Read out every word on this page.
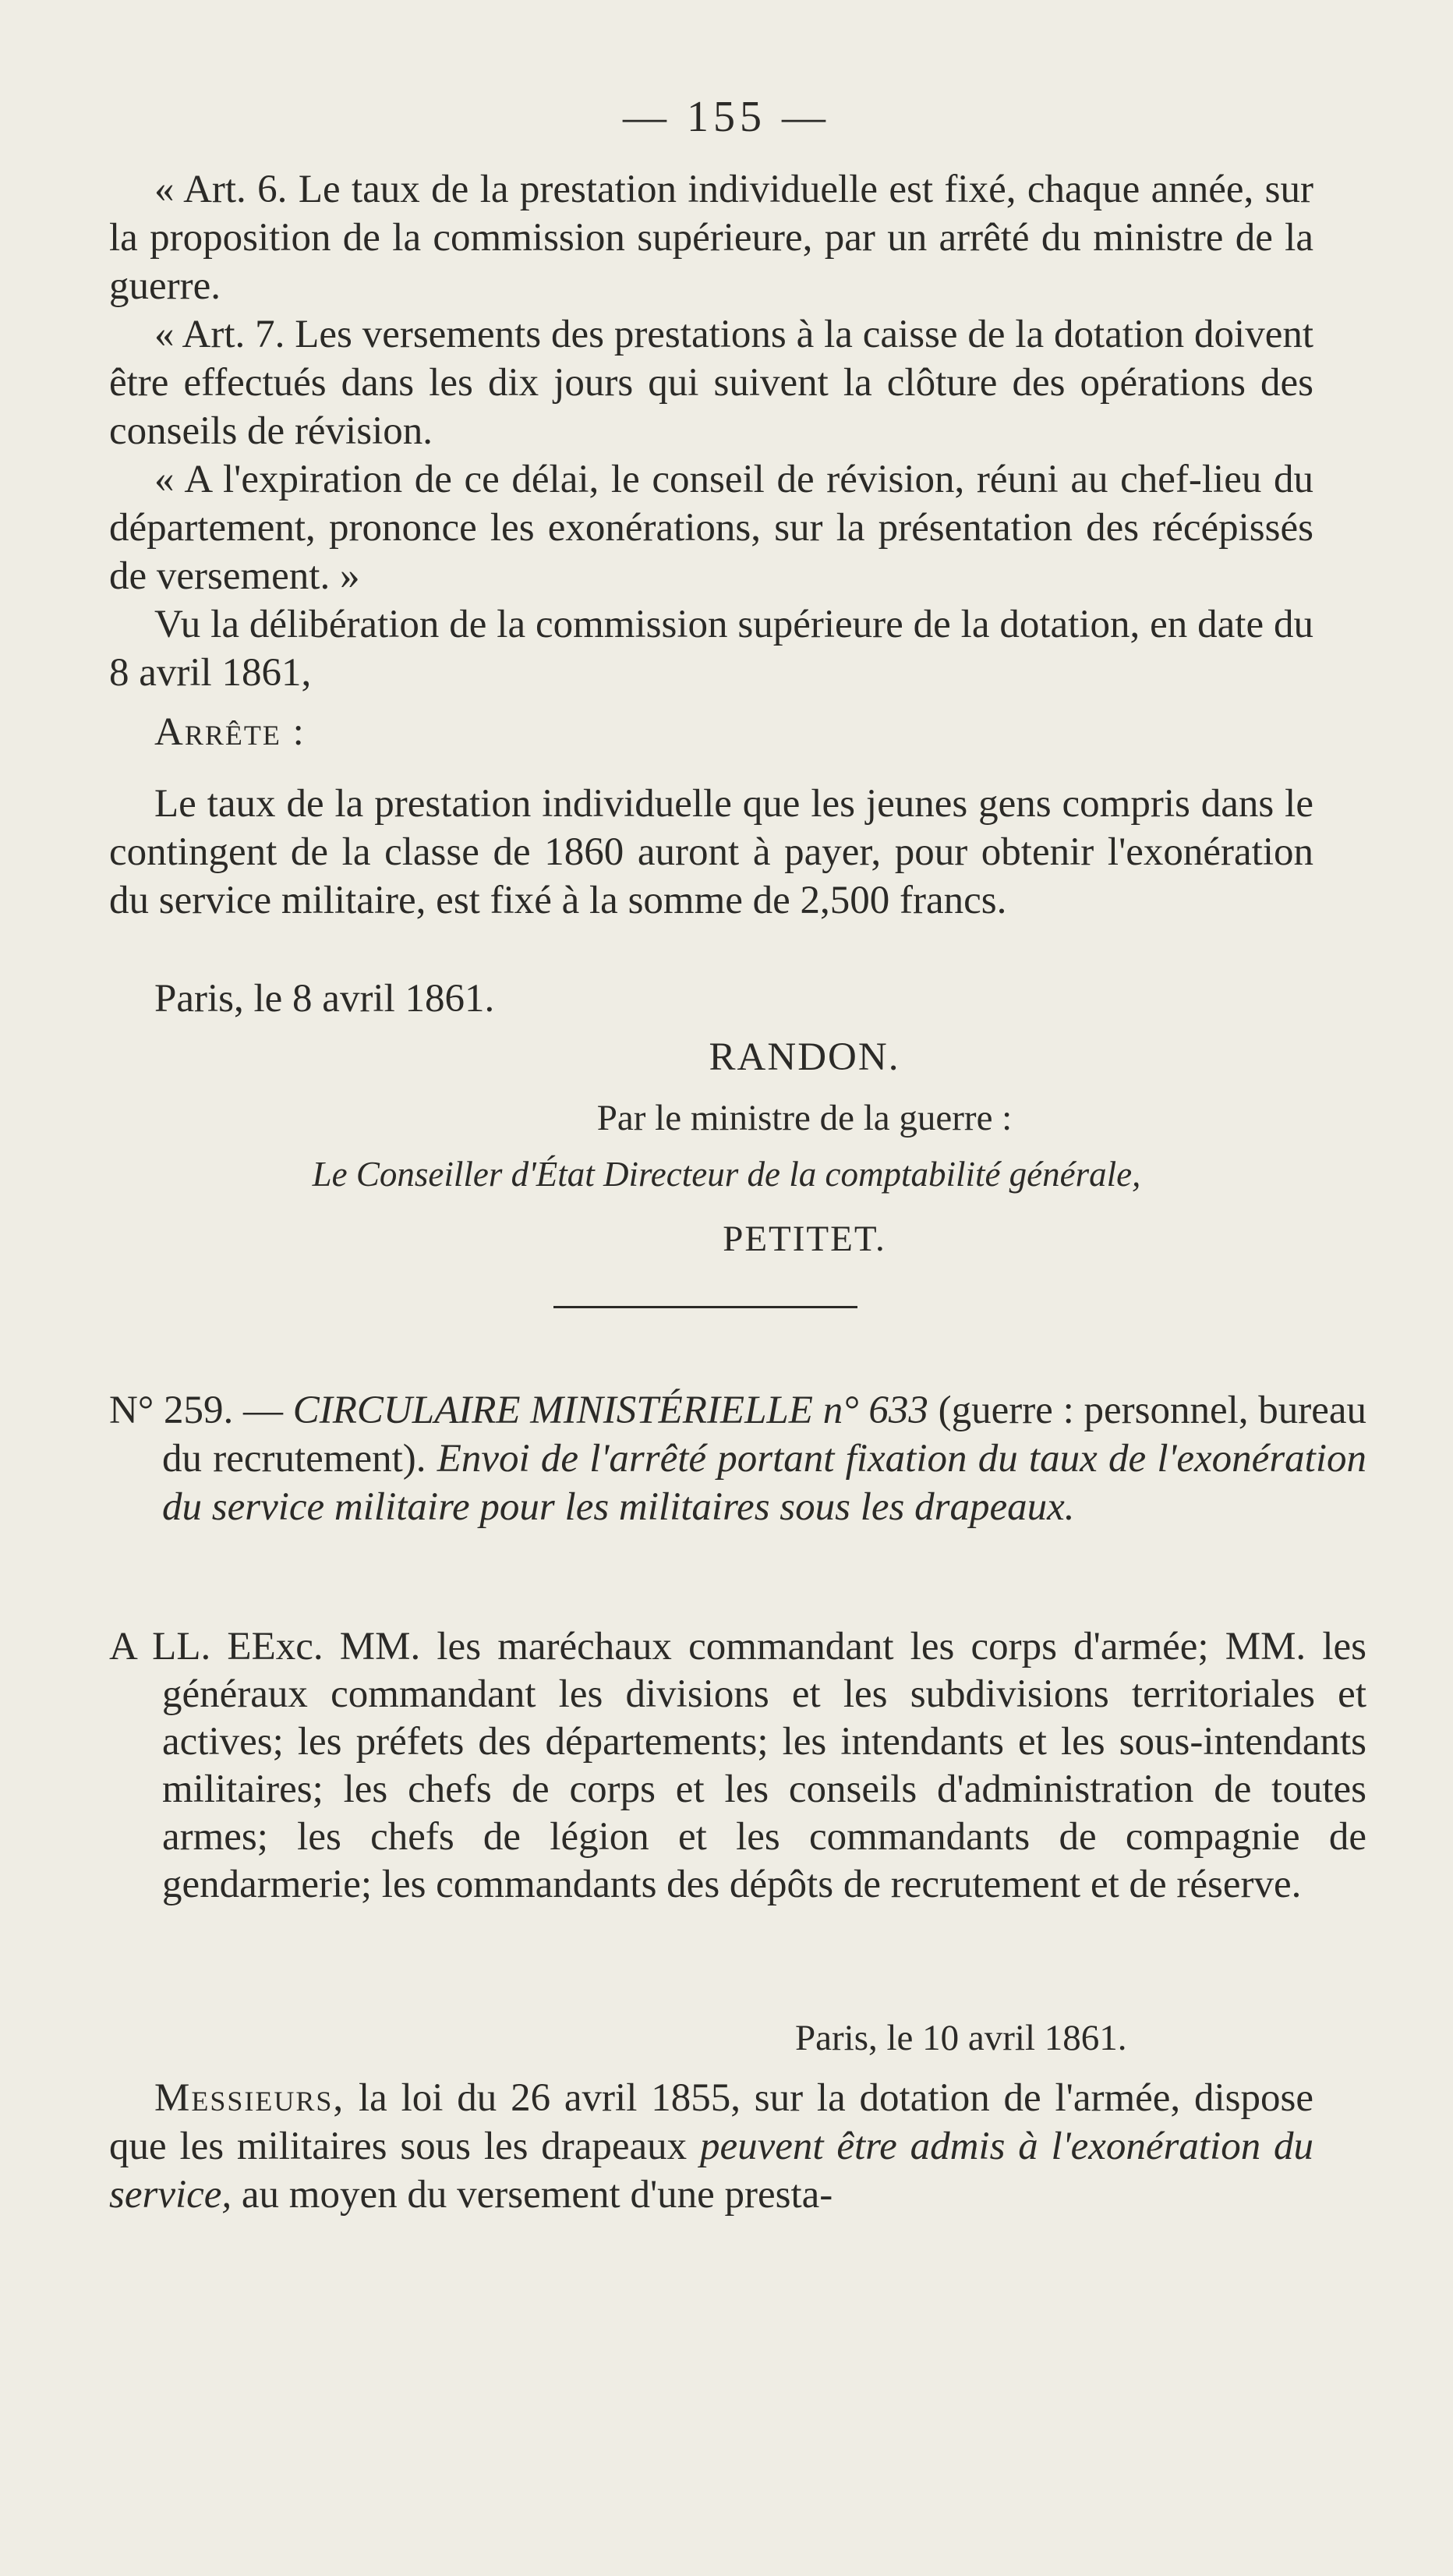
— 155 —

« Art. 6. Le taux de la prestation individuelle est fixé, chaque année, sur la proposition de la commission supérieure, par un arrêté du ministre de la guerre.

« Art. 7. Les versements des prestations à la caisse de la dotation doivent être effectués dans les dix jours qui suivent la clôture des opérations des conseils de révision.

« A l'expiration de ce délai, le conseil de révision, réuni au chef-lieu du département, prononce les exonérations, sur la présentation des récépissés de versement. »

Vu la délibération de la commission supérieure de la dotation, en date du 8 avril 1861,

Arrête :

Le taux de la prestation individuelle que les jeunes gens compris dans le contingent de la classe de 1860 auront à payer, pour obtenir l'exonération du service militaire, est fixé à la somme de 2,500 francs.

Paris, le 8 avril 1861.

RANDON.
Par le ministre de la guerre :
Le Conseiller d'État Directeur de la comptabilité générale,
PETITET.

N° 259. — CIRCULAIRE MINISTÉRIELLE n° 633 (guerre : personnel, bureau du recrutement). Envoi de l'arrêté portant fixation du taux de l'exonération du service militaire pour les militaires sous les drapeaux.

A LL. EExc. MM. les maréchaux commandant les corps d'armée; MM. les généraux commandant les divisions et les subdivisions territoriales et actives; les préfets des départements; les intendants et les sous-intendants militaires; les chefs de corps et les conseils d'administration de toutes armes; les chefs de légion et les commandants de compagnie de gendarmerie; les commandants des dépôts de recrutement et de réserve.

Paris, le 10 avril 1861.

Messieurs, la loi du 26 avril 1855, sur la dotation de l'armée, dispose que les militaires sous les drapeaux peuvent être admis à l'exonération du service, au moyen du versement d'une presta-
